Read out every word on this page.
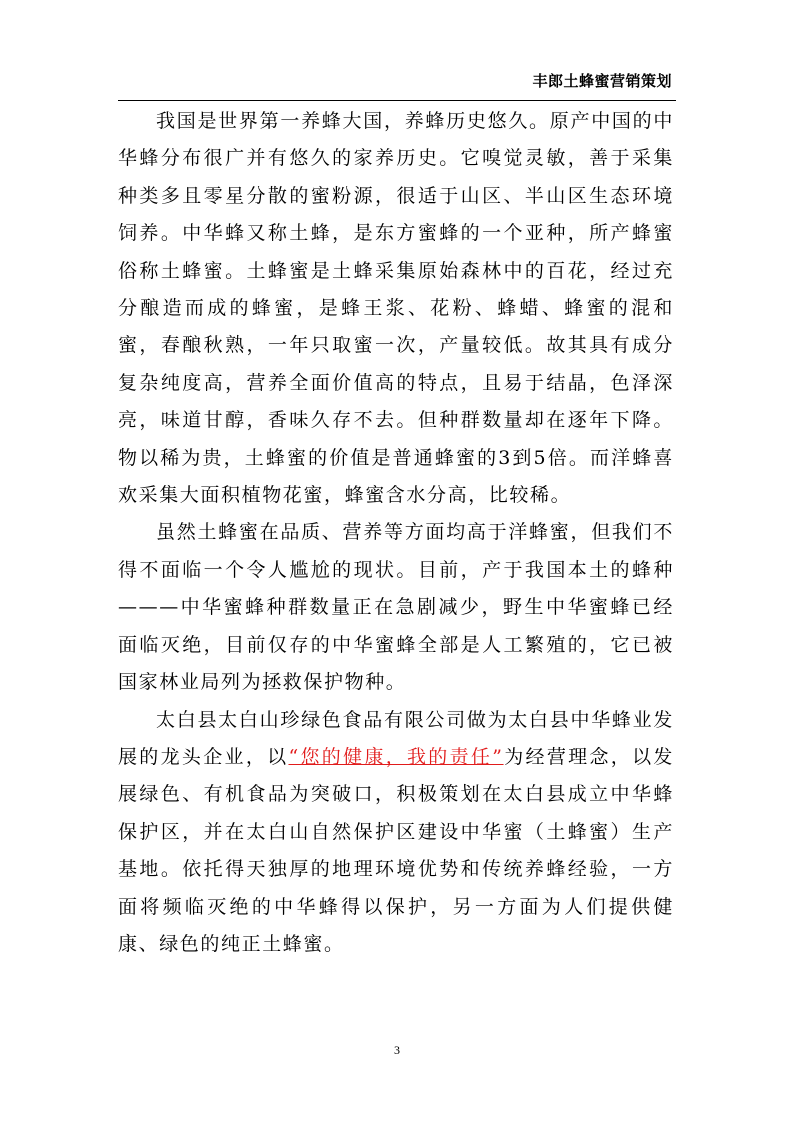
丰郎土蜂蜜营销策划

我国是世界第一养蜂大国，养蜂历史悠久。原产中国的中华蜂分布很广并有悠久的家养历史。它嗅觉灵敏，善于采集种类多且零星分散的蜜粉源，很适于山区、半山区生态环境饲养。中华蜂又称土蜂，是东方蜜蜂的一个亚种，所产蜂蜜俗称土蜂蜜。土蜂蜜是土蜂采集原始森林中的百花，经过充分酿造而成的蜂蜜，是蜂王浆、花粉、蜂蜡、蜂蜜的混和蜜，春酿秋熟，一年只取蜜一次，产量较低。故其具有成分复杂纯度高，营养全面价值高的特点，且易于结晶，色泽深亮，味道甘醇，香味久存不去。但种群数量却在逐年下降。物以稀为贵，土蜂蜜的价值是普通蜂蜜的3到5倍。而洋蜂喜欢采集大面积植物花蜜，蜂蜜含水分高，比较稀。

虽然土蜂蜜在品质、营养等方面均高于洋蜂蜜，但我们不得不面临一个令人尴尬的现状。目前，产于我国本土的蜂种———中华蜜蜂种群数量正在急剧减少，野生中华蜜蜂已经面临灭绝，目前仅存的中华蜜蜂全部是人工繁殖的，它已被国家林业局列为拯救保护物种。

太白县太白山珍绿色食品有限公司做为太白县中华蜂业发展的龙头企业，以“您的健康，我的责任”为经营理念，以发展绿色、有机食品为突破口，积极策划在太白县成立中华蜂保护区，并在太白山自然保护区建设中华蜜（土蜂蜜）生产基地。依托得天独厚的地理环境优势和传统养蜂经验，一方面将频临灭绝的中华蜂得以保护，另一方面为人们提供健康、绿色的纯正土蜂蜜。

3
